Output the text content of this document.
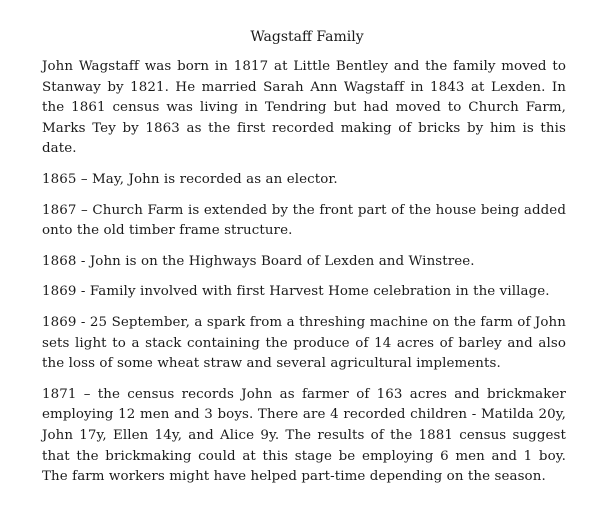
Wagstaff Family

John Wagstaff was born in 1817 at Little Bentley and the family moved to Stanway by 1821. He married Sarah Ann Wagstaff in 1843 at Lexden. In the 1861 census was living in Tendring but had moved to Church Farm, Marks Tey by 1863 as the first recorded making of bricks by him is this date.

1865 – May, John is recorded as an elector.

1867 – Church Farm is extended by the front part of the house being added onto the old timber frame structure.

1868 - John is on the Highways Board of Lexden and Winstree.

1869 - Family involved with first Harvest Home celebration in the village.

1869 - 25 September, a spark from a threshing machine on the farm of John sets light to a stack containing the produce of 14 acres of barley and also the loss of some wheat straw and several agricultural implements.

1871 – the census records John as farmer of 163 acres and brickmaker employing 12 men and 3 boys. There are 4 recorded children - Matilda 20y, John 17y, Ellen 14y, and Alice 9y. The results of the 1881 census suggest that the brickmaking could at this stage be employing 6 men and 1 boy. The farm workers might have helped part-time depending on the season.
